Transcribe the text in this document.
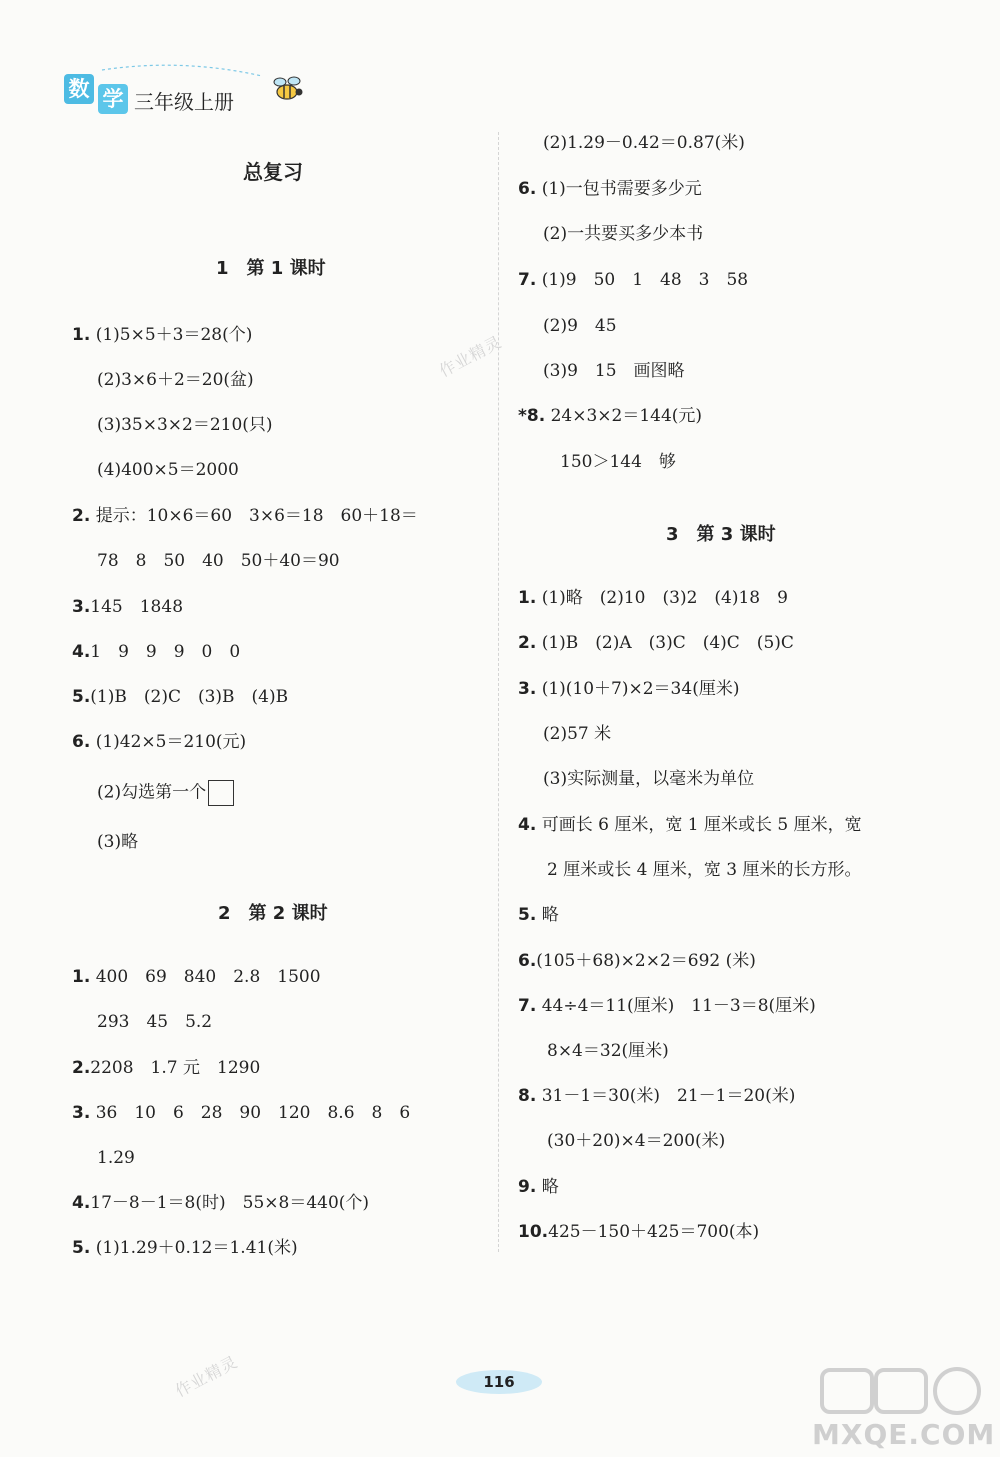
数 学 三年级上册
总复习
1　第 1 课时
1. (1)5×5＋3＝28(个)
(2)3×6＋2＝20(盆)
(3)35×3×2＝210(只)
(4)400×5＝2000
2. 提示：10×6＝60　3×6＝18　60＋18＝
78　8　50　40　50＋40＝90
3.145　1848
4.1　9　9　9　0　0
5.(1)B　(2)C　(3)B　(4)B
6. (1)42×5＝210(元)
(2)勾选第一个
(3)略
2　第 2 课时
1. 400　69　840　2.8　1500
293　45　5.2
2.2208　1.7 元　1290
3. 36　10　6　28　90　120　8.6　8　6
1.29
4.17－8－1＝8(时)　55×8＝440(个)
5. (1)1.29＋0.12＝1.41(米)
(2)1.29－0.42＝0.87(米)
6. (1)一包书需要多少元
(2)一共要买多少本书
7. (1)9　50　1　48　3　58
(2)9　45
(3)9　15　画图略
*8. 24×3×2＝144(元)
150＞144　够
3　第 3 课时
1. (1)略　(2)10　(3)2　(4)18　9
2. (1)B　(2)A　(3)C　(4)C　(5)C
3. (1)(10＋7)×2＝34(厘米)
(2)57 米
(3)实际测量，以毫米为单位
4. 可画长 6 厘米，宽 1 厘米或长 5 厘米，宽
2 厘米或长 4 厘米，宽 3 厘米的长方形。
5. 略
6.(105＋68)×2×2＝692 (米)
7. 44÷4＝11(厘米)　11－3＝8(厘米)
8×4＝32(厘米)
8. 31－1＝30(米)　21－1＝20(米)
(30＋20)×4＝200(米)
9. 略
10.425－150＋425＝700(本)
作业精灵
作业精灵	116
MXQE.COM
